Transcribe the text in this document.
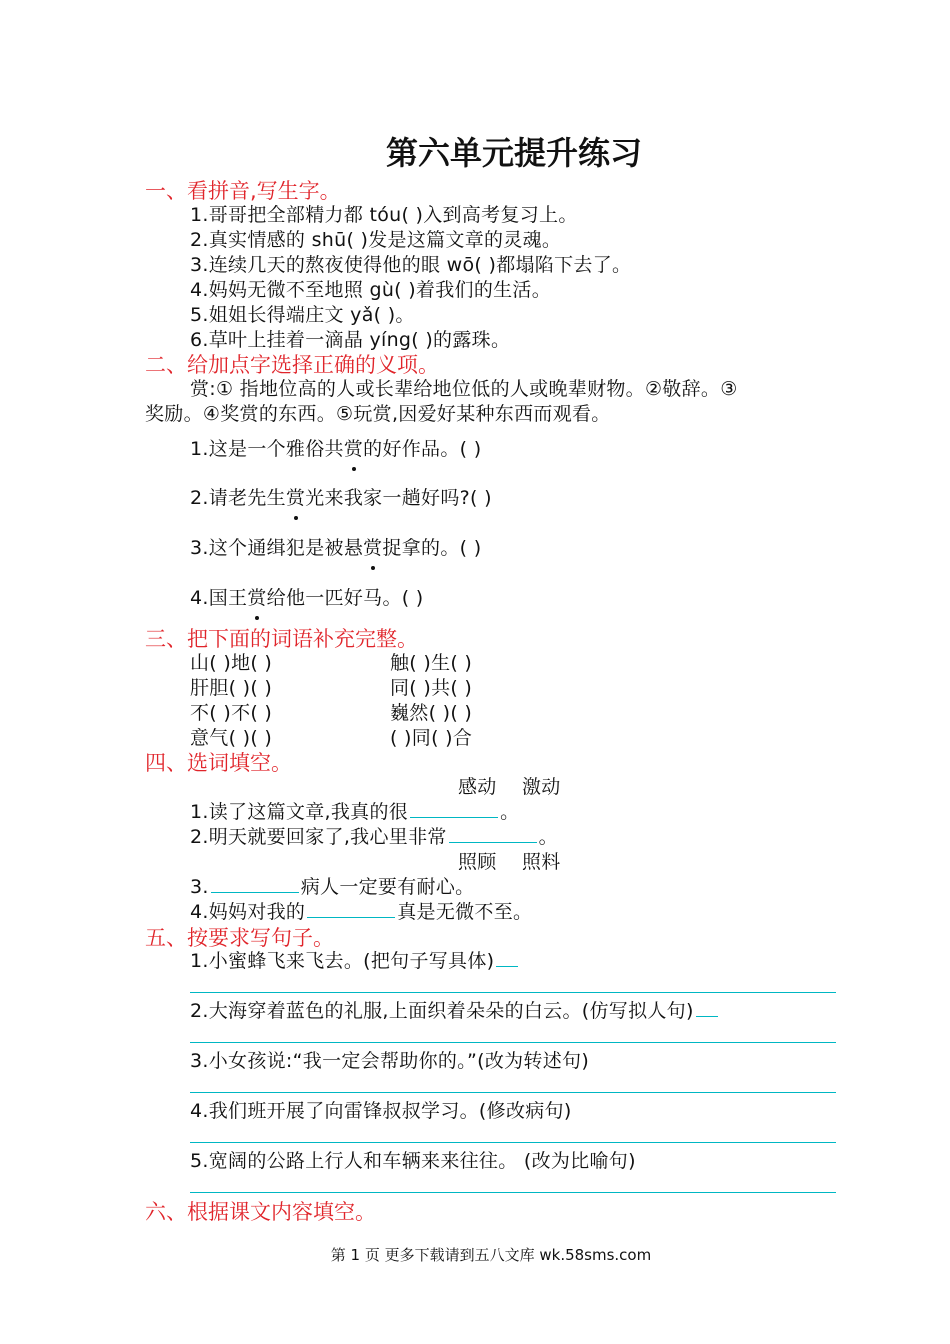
第六单元提升练习
一、看拼音,写生字。
1.哥哥把全部精力都 tóu( )入到高考复习上。
2.真实情感的 shū( )发是这篇文章的灵魂。
3.连续几天的熬夜使得他的眼 wō( )都塌陷下去了。
4.妈妈无微不至地照 gù( )着我们的生活。
5.姐姐长得端庄文 yǎ( )。
6.草叶上挂着一滴晶 yíng( )的露珠。
二、给加点字选择正确的义项。
赏:① 指地位高的人或长辈给地位低的人或晚辈财物。②敬辞。③
奖励。④奖赏的东西。⑤玩赏,因爱好某种东西而观看。
1.这是一个雅俗共赏的好作品。( )
2.请老先生赏光来我家一趟好吗?( )
3.这个通缉犯是被悬赏捉拿的。( )
4.国王赏给他一匹好马。( )
三、把下面的词语补充完整。
山( )地( )	触( )生( )
肝胆( )( )	同( )共( )
不( )不( )	巍然( )( )
意气( )( )	( )同( )合
四、选词填空。
感动    激动
1.读了这篇文章,我真的很	。
2.明天就要回家了,我心里非常	。
照顾    照料
3.	病人一定要有耐心。
4.妈妈对我的	真是无微不至。
五、按要求写句子。
1.小蜜蜂飞来飞去。(把句子写具体)
2.大海穿着蓝色的礼服,上面织着朵朵的白云。(仿写拟人句)
3.小女孩说:“我一定会帮助你的。”(改为转述句)
4.我们班开展了向雷锋叔叔学习。(修改病句)
5.宽阔的公路上行人和车辆来来往往。 (改为比喻句)
六、根据课文内容填空。
第 1 页 更多下载请到五八文库 wk.58sms.com
